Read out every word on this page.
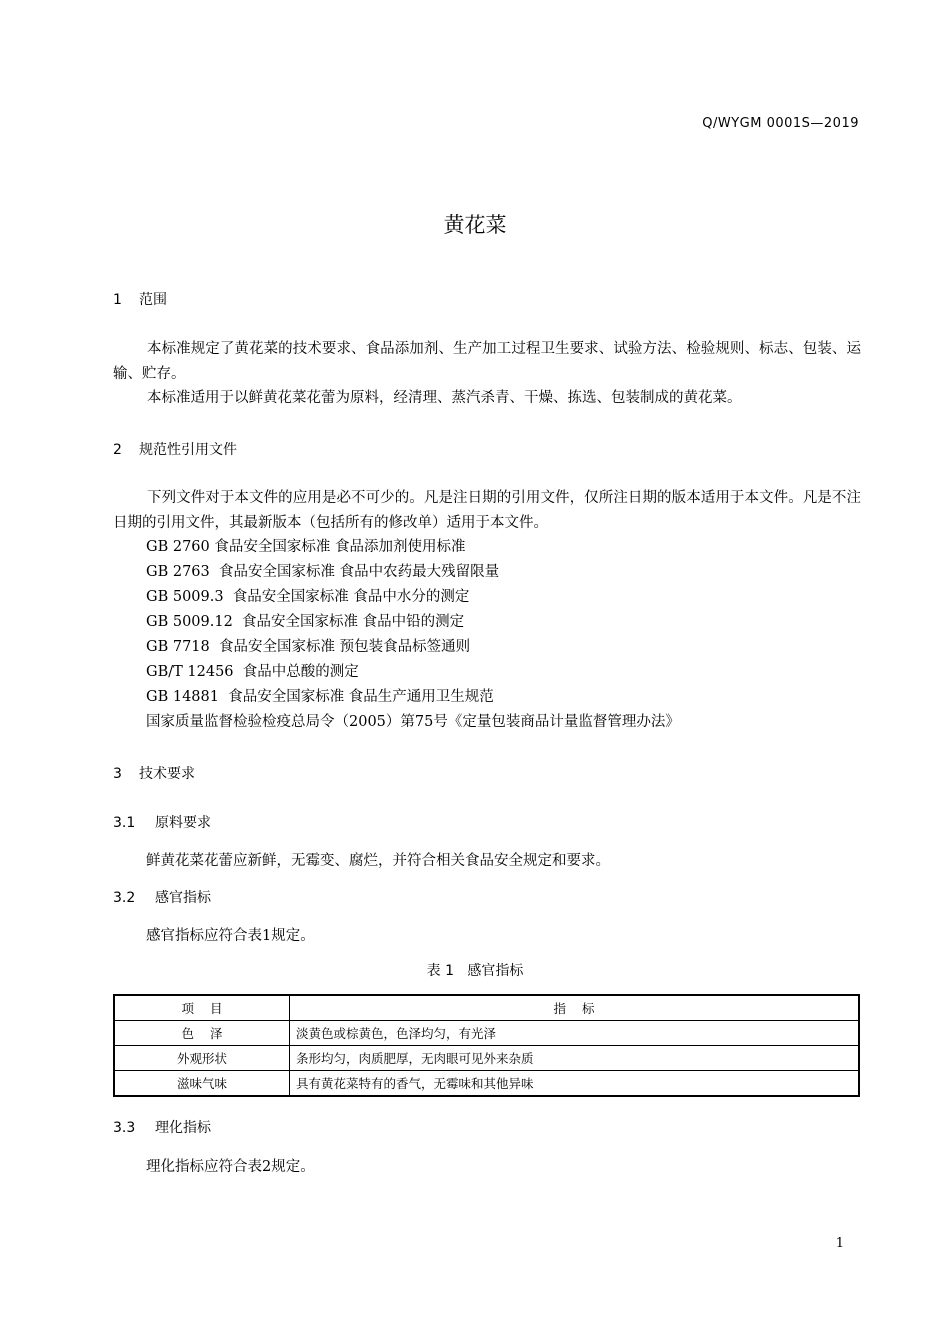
Q/WYGM 0001S—2019
黄花菜
1 范围
本标准规定了黄花菜的技术要求、食品添加剂、生产加工过程卫生要求、试验方法、检验规则、标志、包装、运输、贮存。
本标准适用于以鲜黄花菜花蕾为原料，经清理、蒸汽杀青、干燥、拣选、包装制成的黄花菜。
2 规范性引用文件
下列文件对于本文件的应用是必不可少的。凡是注日期的引用文件，仅所注日期的版本适用于本文件。凡是不注日期的引用文件，其最新版本（包括所有的修改单）适用于本文件。
GB 2760 食品安全国家标准 食品添加剂使用标准
GB 2763  食品安全国家标准 食品中农药最大残留限量
GB 5009.3  食品安全国家标准 食品中水分的测定
GB 5009.12  食品安全国家标准 食品中铅的测定
GB 7718  食品安全国家标准 预包装食品标签通则
GB/T 12456  食品中总酸的测定
GB 14881  食品安全国家标准 食品生产通用卫生规范
国家质量监督检验检疫总局令（2005）第75号《定量包装商品计量监督管理办法》
3 技术要求
3.1 原料要求
鲜黄花菜花蕾应新鲜，无霉变、腐烂，并符合相关食品安全规定和要求。
3.2 感官指标
感官指标应符合表1规定。
表 1   感官指标
项    目	指    标
色    泽	淡黄色或棕黄色，色泽均匀，有光泽
外观形状	条形均匀，肉质肥厚，无肉眼可见外来杂质
滋味气味	具有黄花菜特有的香气，无霉味和其他异味
3.3 理化指标
理化指标应符合表2规定。
1
